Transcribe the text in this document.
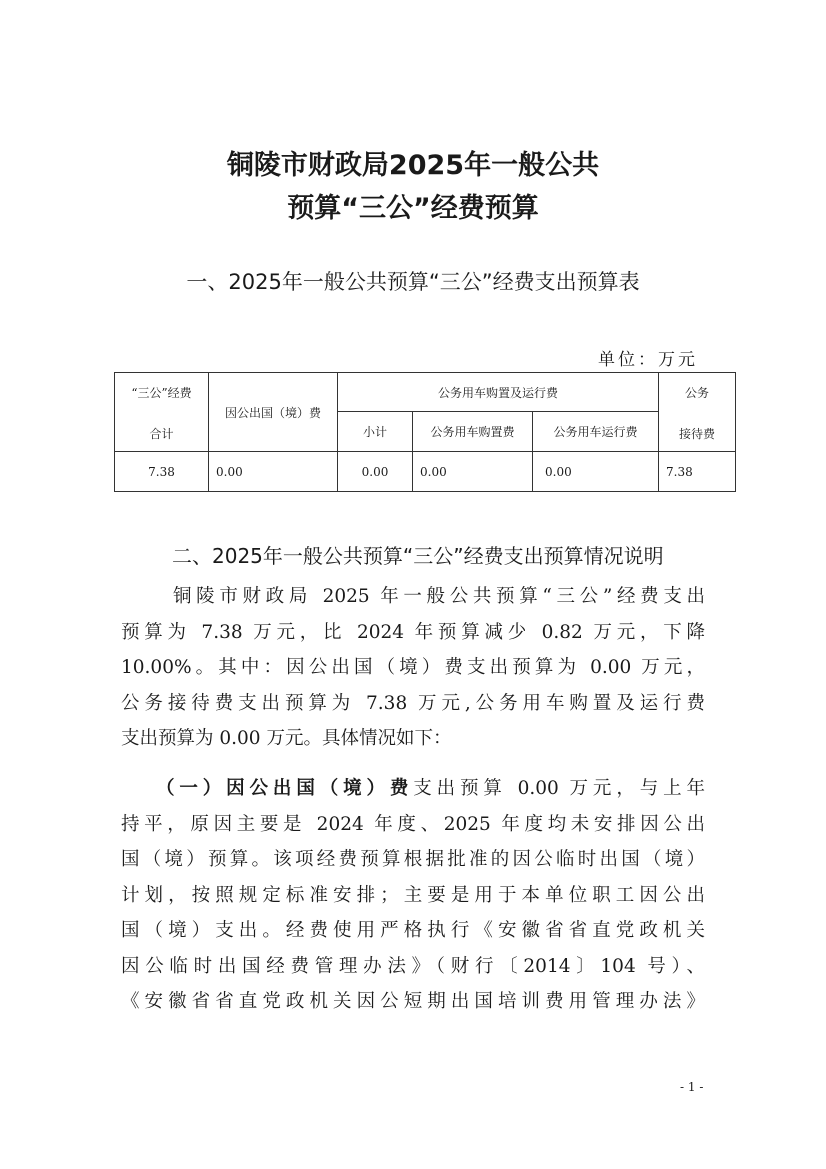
铜陵市财政局2025年一般公共
预算“三公”经费预算
一、2025年一般公共预算“三公”经费支出预算表
单位：万元
“三公”经费
合计	因公出国（境）费	公务用车购置及运行费			公务
接待费

		小计	公务用车购置费	公务用车运行费	
7.38	0.00	0.00	0.00	0.00	7.38
二、2025年一般公共预算“三公”经费支出预算情况说明
铜陵市财政局 2025 年一般公共预算“三公”经费支出
预算为 7.38 万元，比 2024 年预算减少 0.82 万元，下降
10.00%。其中：因公出国（境）费支出预算为 0.00 万元，
公务接待费支出预算为 7.38 万元,公务用车购置及运行费
支出预算为 0.00 万元。具体情况如下：
（一）因公出国（境）费支出预算 0.00 万元，与上年
持平，原因主要是 2024 年度、2025 年度均未安排因公出
国（境）预算。该项经费预算根据批准的因公临时出国（境）
计划，按照规定标准安排；主要是用于本单位职工因公出
国（境）支出。经费使用严格执行《安徽省省直党政机关
因公临时出国经费管理办法》（财行〔2014〕104 号）、
《安徽省省直党政机关因公短期出国培训费用管理办法》
- 1 -
